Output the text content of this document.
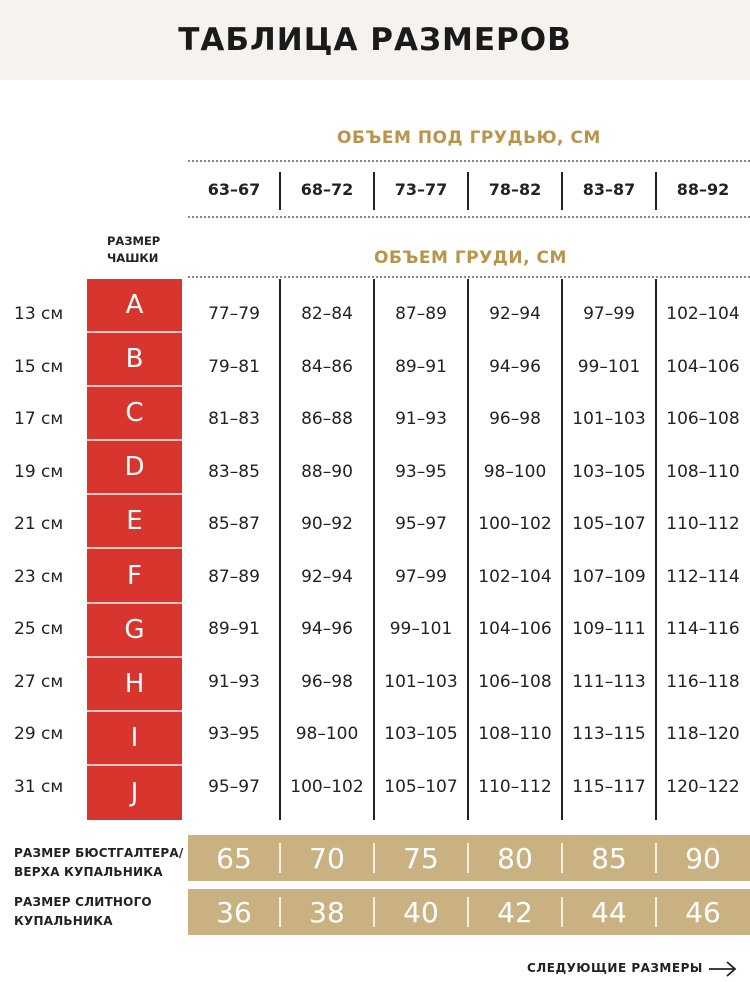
ТАБЛИЦА РАЗМЕРОВ
ОБЪЕМ ПОД ГРУДЬЮ, СМ
63–67	68–72	73–77	78–82	83–87	88–92
РАЗМЕР
ЧАШКИ	ОБЪЕМ ГРУДИ, СМ
13 см	A	77–79 82–84 87–89 92–94 97–99 102–104
15 см	B	79–81 84–86 89–91 94–96 99–101 104–106
17 см	C	81–83 86–88 91–93 96–98 101–103 106–108
19 см	D	83–85 88–90 93–95 98–100 103–105 108–110
21 см	E	85–87 90–92 95–97 100–102 105–107 110–112
23 см	F	87–89 92–94 97–99 102–104 107–109 112–114
25 см	G	89–91 94–96 99–101 104–106 109–111 114–116
27 см	H	91–93 96–98 101–103 106–108 111–113 116–118
29 см	I	93–95 98–100 103–105 108–110 113–115 118–120
31 см	J	95–97 100–102 105–107 110–112 115–117 120–122
РАЗМЕР БЮСТГАЛТЕРА/
ВЕРХА КУПАЛЬНИКА	65	70	75	80	85	90
РАЗМЕР СЛИТНОГО
КУПАЛЬНИКА	36	38	40	42	44	46
СЛЕДУЮЩИЕ РАЗМЕРЫ
